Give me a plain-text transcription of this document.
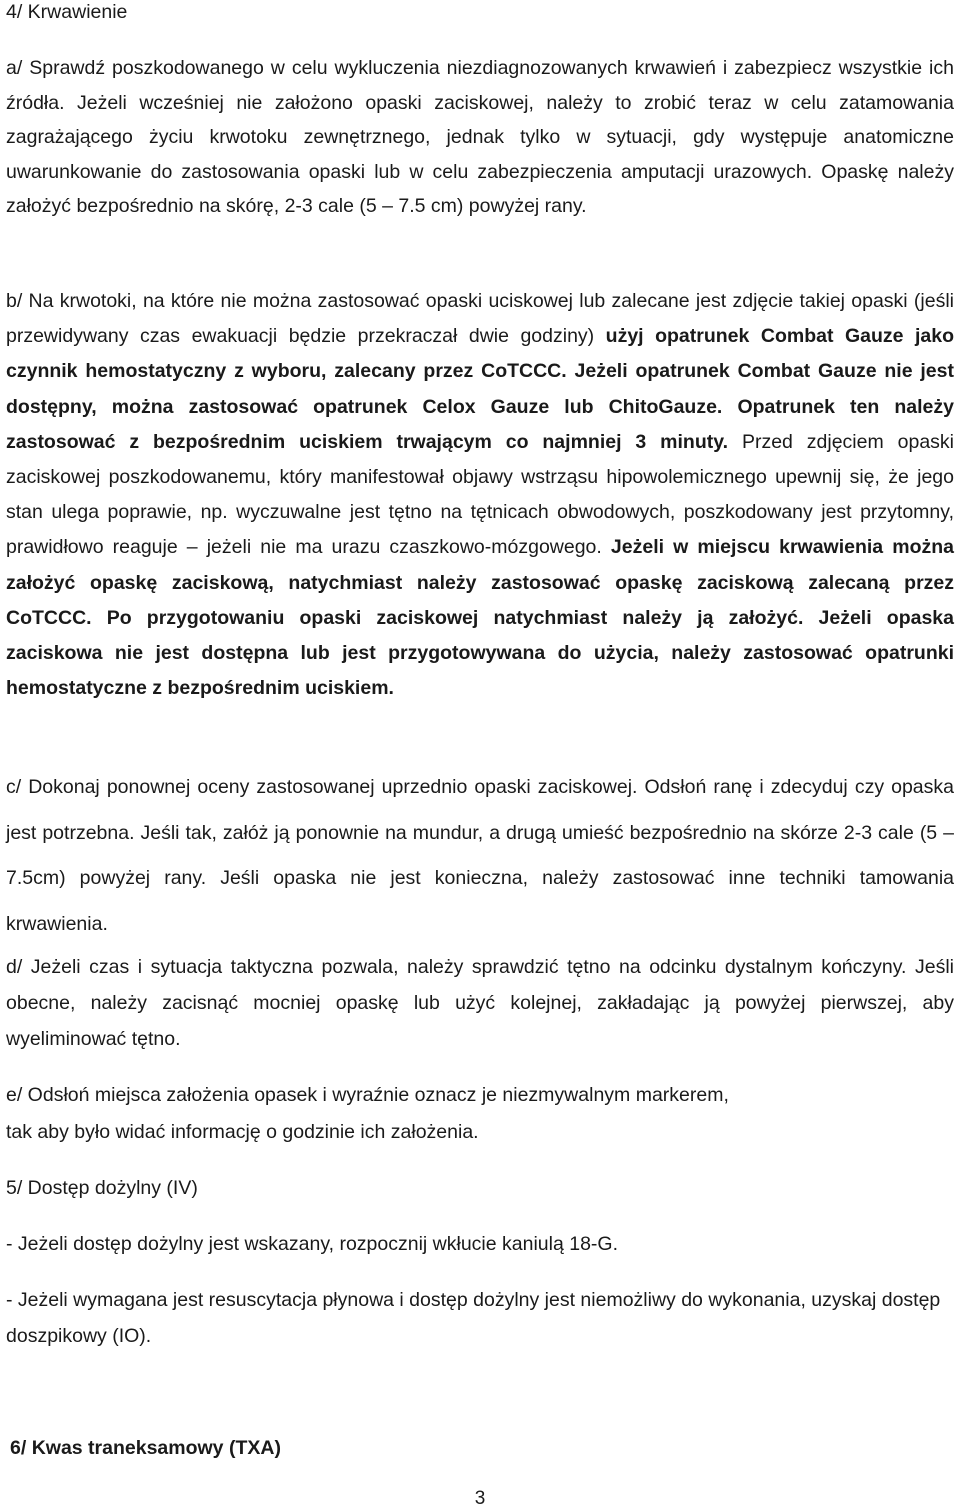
4/ Krwawienie

a/ Sprawdź poszkodowanego w celu wykluczenia niezdiagnozowanych krwawień i zabezpiecz wszystkie ich źródła. Jeżeli wcześniej nie założono opaski zaciskowej, należy to zrobić teraz w celu zatamowania zagrażającego życiu krwotoku zewnętrznego, jednak tylko w sytuacji, gdy występuje anatomiczne uwarunkowanie do zastosowania opaski lub w celu zabezpieczenia amputacji urazowych. Opaskę należy założyć bezpośrednio na skórę, 2-3 cale (5 – 7.5 cm) powyżej rany.

b/ Na krwotoki, na które nie można zastosować opaski uciskowej lub zalecane jest zdjęcie takiej opaski (jeśli przewidywany czas ewakuacji będzie przekraczał dwie godziny) użyj opatrunek Combat Gauze jako czynnik hemostatyczny z wyboru, zalecany przez CoTCCC. Jeżeli opatrunek Combat Gauze nie jest dostępny, można zastosować opatrunek Celox Gauze lub ChitoGauze. Opatrunek ten należy zastosować z bezpośrednim uciskiem trwającym co najmniej 3 minuty. Przed zdjęciem opaski zaciskowej poszkodowanemu, który manifestował objawy wstrząsu hipowolemicznego upewnij się, że jego stan ulega poprawie, np. wyczuwalne jest tętno na tętnicach obwodowych, poszkodowany jest przytomny, prawidłowo reaguje – jeżeli nie ma urazu czaszkowo-mózgowego. Jeżeli w miejscu krwawienia można założyć opaskę zaciskową, natychmiast należy zastosować opaskę zaciskową zalecaną przez CoTCCC. Po przygotowaniu opaski zaciskowej natychmiast należy ją założyć. Jeżeli opaska zaciskowa nie jest dostępna lub jest przygotowywana do użycia, należy zastosować opatrunki hemostatyczne z bezpośrednim uciskiem.

c/ Dokonaj ponownej oceny zastosowanej uprzednio opaski zaciskowej. Odsłoń ranę i zdecyduj czy opaska jest potrzebna. Jeśli tak, załóż ją ponownie na mundur, a drugą umieść bezpośrednio na skórze 2-3 cale (5 – 7.5cm) powyżej rany. Jeśli opaska nie jest konieczna, należy zastosować inne techniki tamowania krwawienia.

d/ Jeżeli czas i sytuacja taktyczna pozwala, należy sprawdzić tętno na odcinku dystalnym kończyny. Jeśli obecne, należy zacisnąć mocniej opaskę lub użyć kolejnej, zakładając ją powyżej pierwszej, aby wyeliminować tętno.

e/ Odsłoń miejsca założenia opasek i wyraźnie oznacz je niezmywalnym markerem,
tak aby było widać informację o godzinie ich założenia.
5/ Dostęp dożylny (IV)
- Jeżeli dostęp dożylny jest wskazany, rozpocznij wkłucie kaniulą 18-G.

- Jeżeli wymagana jest resuscytacja płynowa i dostęp dożylny jest niemożliwy do wykonania, uzyskaj dostęp doszpikowy (IO).

6/ Kwas traneksamowy (TXA)
3
